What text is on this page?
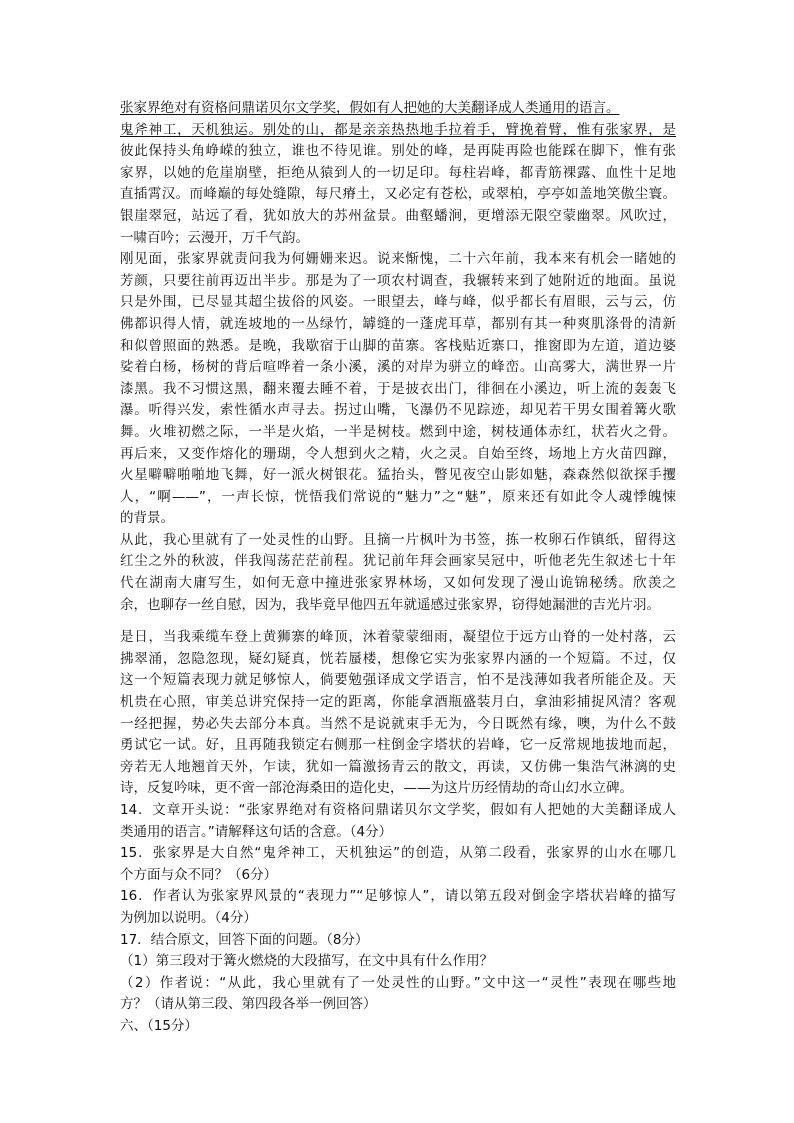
张家界绝对有资格问鼎诺贝尔文学奖，假如有人把她的大美翻译成人类通用的语言。
鬼斧神工，天机独运。别处的山，都是亲亲热热地手拉着手，臂挽着臂，惟有张家界，是
彼此保持头角峥嵘的独立，谁也不待见谁。别处的峰，是再陡再险也能踩在脚下，惟有张
家界，以她的危崖崩壁，拒绝从猿到人的一切足印。每柱岩峰，都青筋裸露、血性十足地
直插霄汉。而峰巅的每处缝隙，每尺瘠土，又必定有苍松，或翠柏，亭亭如盖地笑傲尘寰。
银崖翠冠，站远了看，犹如放大的苏州盆景。曲壑蟠涧，更增添无限空蒙幽翠。风吹过，
一啸百吟；云漫开，万千气韵。
刚见面，张家界就责问我为何姗姗来迟。说来惭愧，二十六年前，我本来有机会一睹她的
芳颜，只要往前再迈出半步。那是为了一项农村调查，我辗转来到了她附近的地面。虽说
只是外围，已尽显其超尘拔俗的风姿。一眼望去，峰与峰，似乎都长有眉眼，云与云，仿
佛都识得人情，就连坡地的一丛绿竹，罅缝的一蓬虎耳草，都别有其一种爽肌涤骨的清新
和似曾照面的熟悉。是晚，我歇宿于山脚的苗寨。客栈贴近寨口，推窗即为左道，道边婆
娑着白杨，杨树的背后喧哗着一条小溪，溪的对岸为骈立的峰峦。山高雾大，满世界一片
漆黑。我不习惯这黑，翻来覆去睡不着，于是披衣出门，徘徊在小溪边，听上流的轰轰飞
瀑。听得兴发，索性循水声寻去。拐过山嘴，飞瀑仍不见踪迹，却见若干男女围着篝火歌
舞。火堆初燃之际，一半是火焰，一半是树枝。燃到中途，树枝通体赤红，状若火之骨。
再后来，又变作熔化的珊瑚，令人想到火之精，火之灵。自始至终，场地上方火苗四蹿，
火星噼噼啪啪地飞舞，好一派火树银花。猛抬头，瞥见夜空山影如魅，森森然似欲探手攫
人，“啊——”，一声长惊，恍悟我们常说的“魅力”之“魅”，原来还有如此令人魂悸魄悚
的背景。
从此，我心里就有了一处灵性的山野。且摘一片枫叶为书签，拣一枚卵石作镇纸，留得这
红尘之外的秋波，伴我闯荡茫茫前程。犹记前年拜会画家吴冠中，听他老先生叙述七十年
代在湖南大庸写生，如何无意中撞进张家界林场，又如何发现了漫山诡锦秘绣。欣羡之
余，也聊存一丝自慰，因为，我毕竟早他四五年就遥感过张家界，窃得她漏泄的吉光片羽。
是日，当我乘缆车登上黄狮寨的峰顶，沐着蒙蒙细雨，凝望位于远方山脊的一处村落，云
拂翠涌，忽隐忽现，疑幻疑真，恍若蜃楼，想像它实为张家界内涵的一个短篇。不过，仅
这一个短篇表现力就足够惊人，倘要勉强译成文学语言，怕不是浅薄如我者所能企及。天
机贵在心照，审美总讲究保持一定的距离，你能拿酒瓶盛装月白，拿油彩捕捉风清？客观
一经把握，势必失去部分本真。当然不是说就束手无为，今日既然有缘，噢，为什么不鼓
勇试它一试。好，且再随我锁定右侧那一柱倒金字塔状的岩峰，它一反常规地拔地而起，
旁若无人地翘首天外，乍读，犹如一篇激扬青云的散文，再读，又仿佛一集浩气淋漓的史
诗，反复吟味，更不啻一部沧海桑田的造化史，——为这片历经情劫的奇山幻水立碑。
14．文章开头说：“张家界绝对有资格问鼎诺贝尔文学奖，假如有人把她的大美翻译成人
类通用的语言。”请解释这句话的含意。（4分）
15．张家界是大自然“鬼斧神工，天机独运”的创造，从第二段看，张家界的山水在哪几
个方面与众不同？（6分）
16．作者认为张家界风景的“表现力”“足够惊人”，请以第五段对倒金字塔状岩峰的描写
为例加以说明。（4分）
17．结合原文，回答下面的问题。（8分）
（1）第三段对于篝火燃烧的大段描写，在文中具有什么作用？
（2）作者说：“从此，我心里就有了一处灵性的山野。”文中这一“灵性”表现在哪些地
方？（请从第三段、第四段各举一例回答）
六、（15分）
